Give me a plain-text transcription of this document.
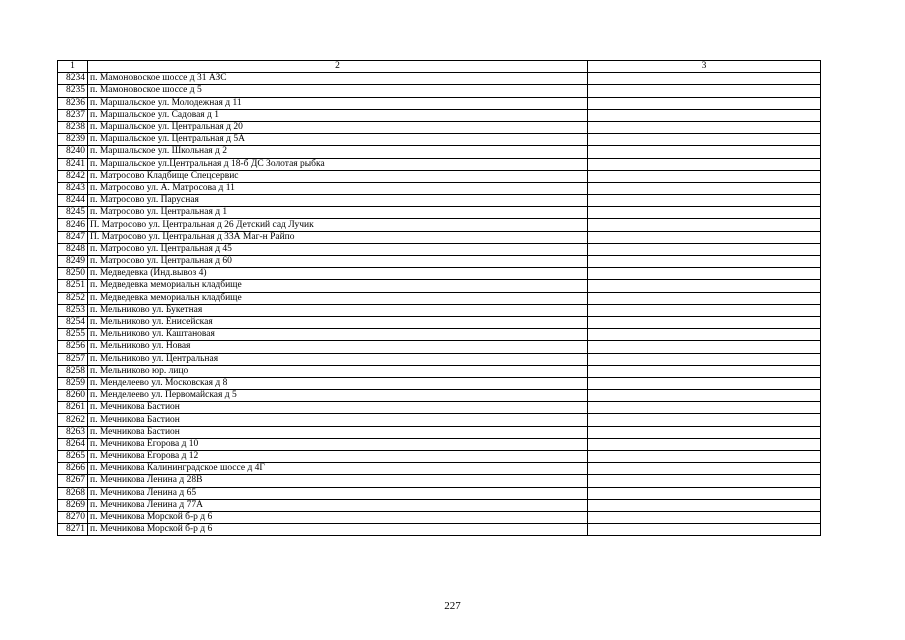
1	2	3
8234	п. Мамоновоское шоссе д 31 АЗС	
8235	п. Мамоновоское шоссе д 5	
8236	п. Маршальское ул. Молодежная д 11	
8237	п. Маршальское ул. Садовая д 1	
8238	п. Маршальское ул. Центральная д 20	
8239	п. Маршальское ул. Центральная д 5А	
8240	п. Маршальское ул. Школьная д 2	
8241	п. Маршальское ул.Центральная д 18-б ДС Золотая рыбка	
8242	п. Матросово Кладбище Спецсервис	
8243	п. Матросово ул. А. Матросова д 11	
8244	п. Матросово ул. Парусная	
8245	п. Матросово ул. Центральная д 1	
8246	П. Матросово ул. Центральная д 26 Детский сад Лучик	
8247	П. Матросово ул. Центральная д 33А Маг-н Райпо	
8248	п. Матросово ул. Центральная д 45	
8249	п. Матросово ул. Центральная д 60	
8250	п. Медведевка (Инд.вывоз 4)	
8251	п. Медведевка мемориальн кладбище	
8252	п. Медведевка мемориальн кладбище	
8253	п. Мельниково ул. Букетная	
8254	п. Мельниково ул. Енисейская	
8255	п. Мельниково ул. Каштановая	
8256	п. Мельниково ул. Новая	
8257	п. Мельниково ул. Центральная	
8258	п. Мельниково юр. лицо	
8259	п. Менделеево ул. Московская д 8	
8260	п. Менделеево ул. Первомайская д 5	
8261	п. Мечникова Бастион	
8262	п. Мечникова Бастион	
8263	п. Мечникова Бастион	
8264	п. Мечникова Егорова д 10	
8265	п. Мечникова Егорова д 12	
8266	п. Мечникова Калининградское шоссе д 4Г	
8267	п. Мечникова Ленина д 28В	
8268	п. Мечникова Ленина д 65	
8269	п. Мечникова Ленина д 77А	
8270	п. Мечникова Морской б-р д 6	
8271	п. Мечникова Морской б-р д 6	
227
